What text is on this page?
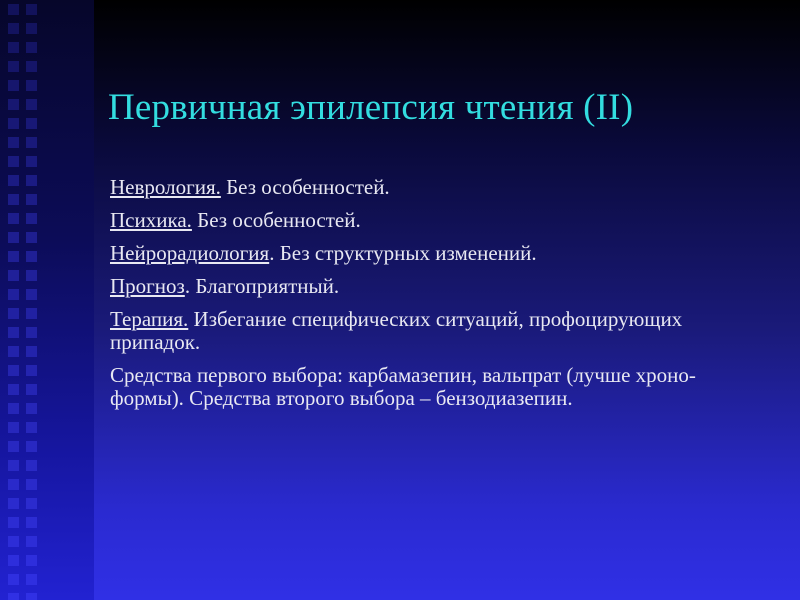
Первичная эпилепсия чтения (II)

Неврология. Без особенностей.

Психика. Без особенностей.

Нейрорадиология. Без структурных изменений.

Прогноз. Благоприятный.

Терапия. Избегание специфических ситуаций, профоцирующих припадок.

Средства первого выбора: карбамазепин, вальпрат (лучше хроно-формы). Средства второго выбора – бензодиазепин.
